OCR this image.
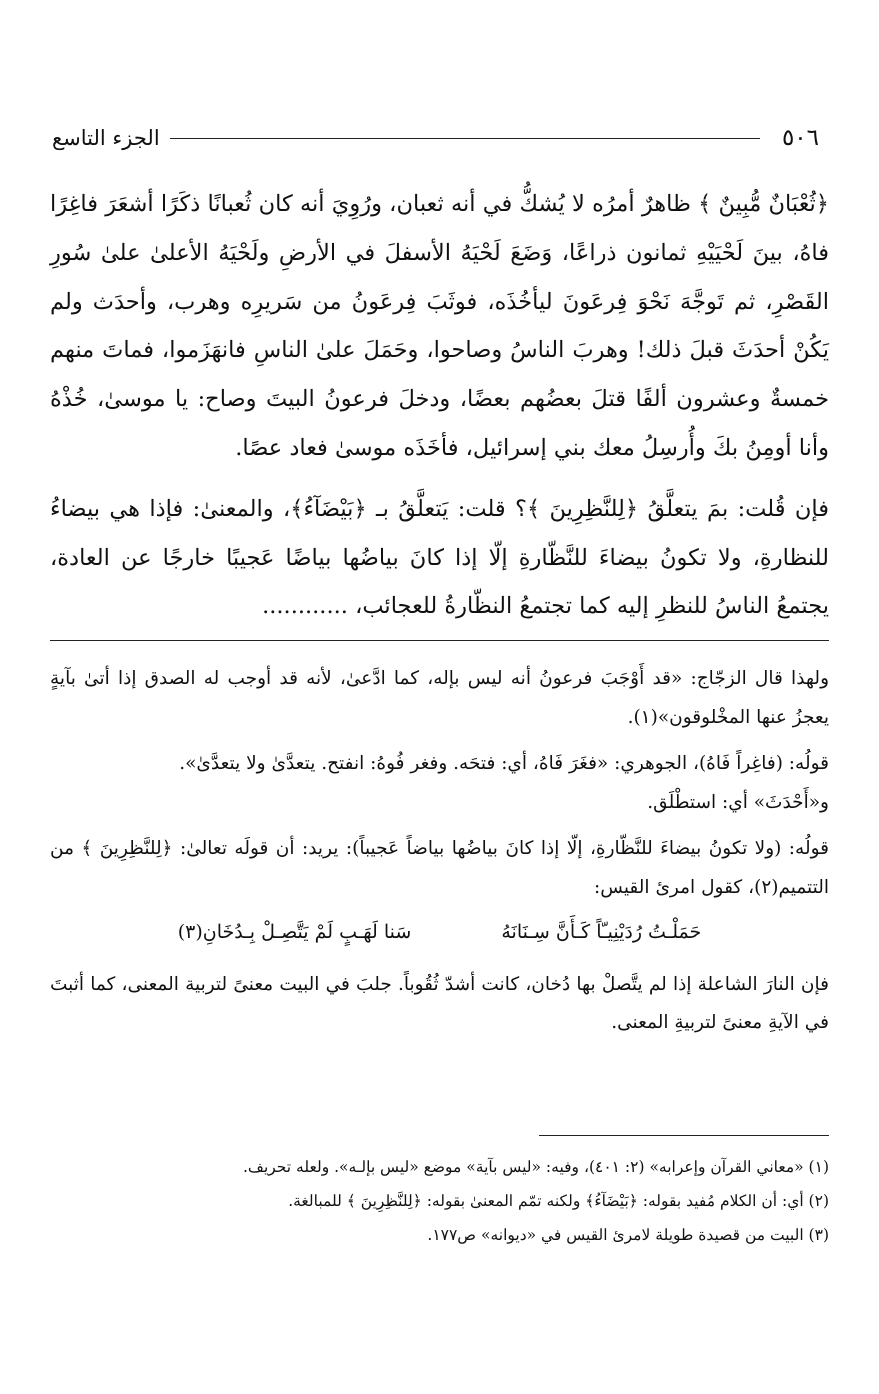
٥٠٦
الجزء التاسع

﴿ثُعْبَانٌ مُّبِينٌ ﴾ ظاهرٌ أمرُه لا يُشكُّ في أنه ثعبان، ورُوِيَ أنه كان ثُعبانًا ذكَرًا أشعَرَ فاغِرًا فاهُ، بينَ لَحْيَيْهِ ثمانون ذراعًا، وَضَعَ لَحْيَهُ الأسفلَ في الأرضِ ولَحْيَهُ الأعلىٰ علىٰ سُورِ القَصْرِ، ثم تَوجَّهَ نَحْوَ فِرعَونَ ليأخُذَه، فوثَبَ فِرعَونُ من سَريرِه وهرب، وأحدَث ولم يَكُنْ أحدَثَ قبلَ ذلك! وهربَ الناسُ وصاحوا، وحَمَلَ علىٰ الناسِ فانهَزَموا، فماتَ منهم خمسةٌ وعشرون ألفًا قتلَ بعضُهم بعضًا، ودخلَ فرعونُ البيتَ وصاح: يا موسىٰ، خُذْهُ وأنا أومِنُ بكَ وأُرسِلُ معك بني إسرائيل، فأخَذَه موسىٰ فعاد عصًا.

فإن قُلت: بمَ يتعلَّقُ ﴿لِلنَّظِرِينَ ﴾؟ قلت: يَتعلَّقُ بـ ﴿بَيْضَآءُ﴾، والمعنىٰ: فإذا هي بيضاءُ للنظارةِ، ولا تكونُ بيضاءَ للنَّظّارةِ إلّا إذا كانَ بياضُها بياضًا عَجيبًا خارجًا عن العادة، يجتمعُ الناسُ للنظرِ إليه كما تجتمعُ النظّارةُ للعجائب، ............

ولهذا قال الزجّاج: «قد أَوْجَبَ فرعونُ أنه ليس بإله، كما ادَّعىٰ، لأنه قد أوجب له الصدق إذا أتىٰ بآيةٍ يعجزُ عنها المخْلوقون»(١).

قولُه: (فاغِراً فَاهُ)، الجوهري: «فغَرَ فَاهُ، أي: فتحَه. وفغر فُوهُ: انفتح. يتعدَّىٰ ولا يتعدَّىٰ».

و«أَحْدَثَ» أي: استطْلَق.

قولُه: (ولا تكونُ بيضاءَ للنَّظّارةِ، إلّا إذا كانَ بياضُها بياضاً عَجيباً): يريد: أن قولَه تعالىٰ: ﴿لِلنَّظِرِينَ ﴾ من التتميم(٢)، كقول امرئ القيس:

حَمَلْـتُ رُدَيْنِيـّاً كَـأَنَّ سِـنَانَهُ
سَنا لَهَـبٍ لَمْ يَتَّصِـلْ بِـدُخَانِ(٣)

فإن النارَ الشاعلة إذا لم يتَّصلْ بها دُخان، كانت أشدّ ثُقُوباً. جلبَ في البيت معنىً لتربية المعنى، كما أثبتَ في الآيةِ معنىً لتربيةِ المعنى.

(١) «معاني القرآن وإعرابه» (٢: ٤٠١)، وفيه: «ليس بآية» موضع «ليس بإلـه». ولعله تحريف.

(٢) أي: أن الكلام مُفيد بقوله: ﴿بَيْضَآءُ﴾ ولكنه تمّم المعنىٰ بقوله: ﴿لِلنَّظِرِينَ ﴾ للمبالغة.

(٣) البيت من قصيدة طويلة لامرئ القيس في «ديوانه» ص١٧٧.
